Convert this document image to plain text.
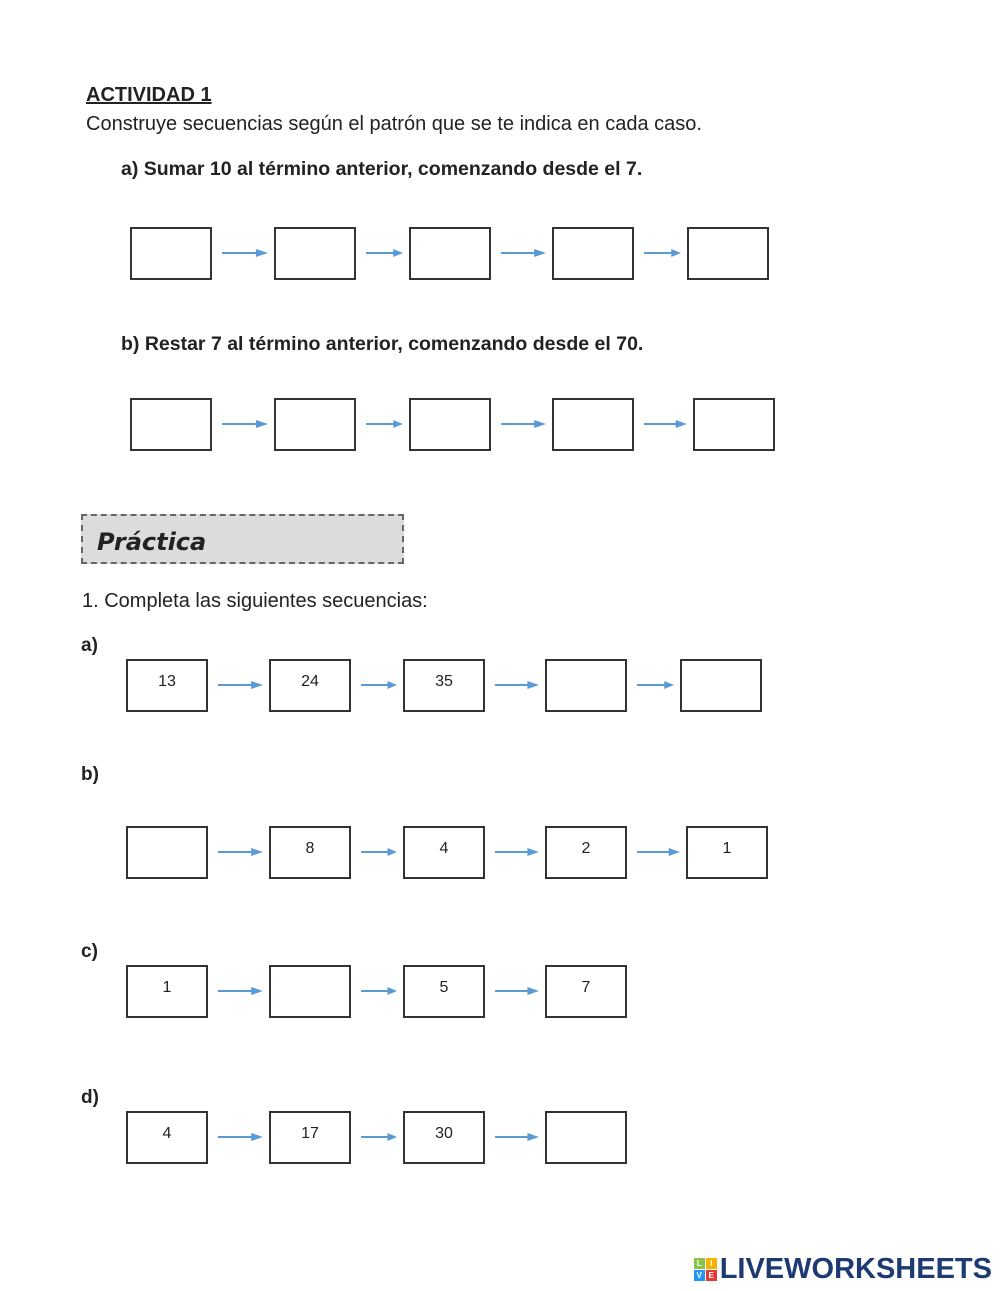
ACTIVIDAD 1
Construye secuencias según el patrón que se te indica en cada caso.
a) Sumar 10 al término anterior, comenzando desde el 7.
b) Restar 7 al término anterior, comenzando desde el 70.
Práctica
1. Completa las siguientes secuencias:
a)
b)
c)
d)
13	24	35
8	4	2	1
1	5	7
4	17	30
L	I
V E LIVEWORKSHEETS
